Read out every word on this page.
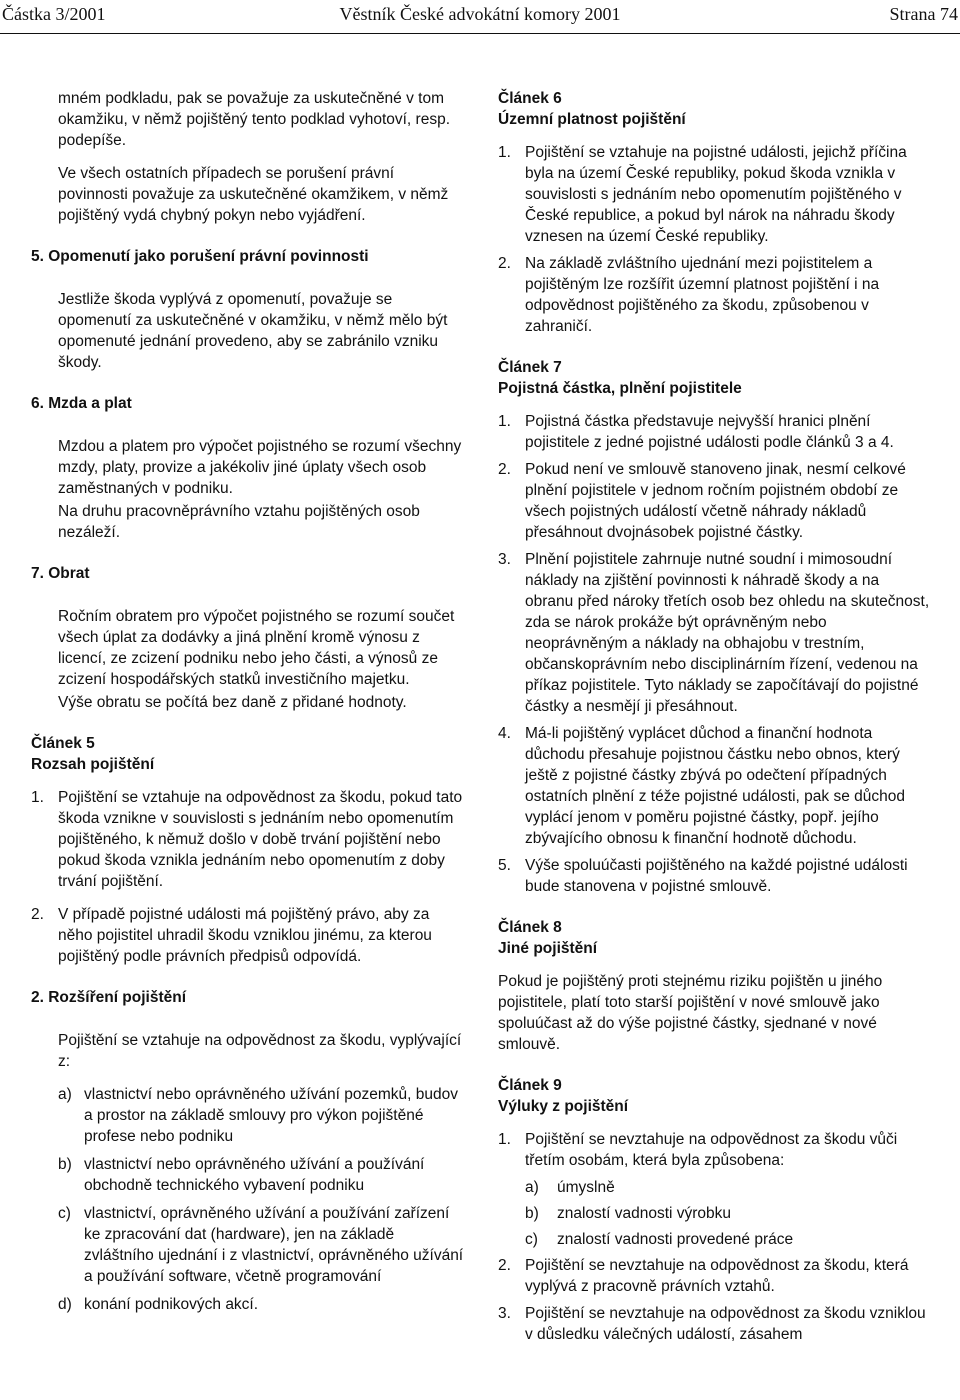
Částka 3/2001	Věstník České advokátní komory 2001	Strana 74

mném podkladu, pak se považuje za uskutečněné v tom okamžiku, v němž pojištěný tento podklad vyhotoví, resp. podepíše.

Ve všech ostatních případech se porušení právní povinnosti považuje za uskutečněné okamžikem, v němž pojištěný vydá chybný pokyn nebo vyjádření.

5. Opomenutí jako porušení právní povinnosti

Jestliže škoda vyplývá z opomenutí, považuje se opomenutí za uskutečněné v okamžiku, v němž mělo být opomenuté jednání provedeno, aby se zabránilo vzniku škody.

6. Mzda a plat

Mzdou a platem pro výpočet pojistného se rozumí všechny mzdy, platy, provize a jakékoliv jiné úplaty všech osob zaměstnaných v podniku.

Na druhu pracovněprávního vztahu pojištěných osob nezáleží.

7. Obrat

Ročním obratem pro výpočet pojistného se rozumí součet všech úplat za dodávky a jiná plnění kromě výnosu z licencí, ze zcizení podniku nebo jeho části, a výnosů ze zcizení hospodářských statků investičního majetku.

Výše obratu se počítá bez daně z přidané hodnoty.

Článek 5
Rozsah pojištění
1. Pojištění se vztahuje na odpovědnost za škodu, pokud tato škoda vznikne v souvislosti s jednáním nebo opomenutím pojištěného, k němuž došlo v době trvání pojištění nebo pokud škoda vznikla jednáním nebo opomenutím z doby trvání pojištění.
2. V případě pojistné události má pojištěný právo, aby za něho pojistitel uhradil škodu vzniklou jinému, za kterou pojištěný podle právních předpisů odpovídá.
2. Rozšíření pojištění

Pojištění se vztahuje na odpovědnost za škodu, vyplývající z:

a) vlastnictví nebo oprávněného užívání pozemků, budov a prostor na základě smlouvy pro výkon pojištěné profese nebo podniku
b) vlastnictví nebo oprávněného užívání a používání obchodně technického vybavení podniku
c) vlastnictví, oprávněného užívání a používání zařízení ke zpracování dat (hardware), jen na základě zvláštního ujednání i z vlastnictví, oprávněného užívání a používání software, včetně programování
d) konání podnikových akcí.
Článek 6
Územní platnost pojištění
1. Pojištění se vztahuje na pojistné události, jejichž příčina byla na území České republiky, pokud škoda vznikla v souvislosti s jednáním nebo opomenutím pojištěného v České republice, a pokud byl nárok na náhradu škody vznesen na území České republiky.
2. Na základě zvláštního ujednání mezi pojistitelem a pojištěným lze rozšířit územní platnost pojištění i na odpovědnost pojištěného za škodu, způsobenou v zahraničí.
Článek 7
Pojistná částka, plnění pojistitele
1. Pojistná částka představuje nejvyšší hranici plnění pojistitele z jedné pojistné události podle článků 3 a 4.
2. Pokud není ve smlouvě stanoveno jinak, nesmí celkové plnění pojistitele v jednom ročním pojistném období ze všech pojistných událostí včetně náhrady nákladů přesáhnout dvojnásobek pojistné částky.
3. Plnění pojistitele zahrnuje nutné soudní i mimosoudní náklady na zjištění povinnosti k náhradě škody a na obranu před nároky třetích osob bez ohledu na skutečnost, zda se nárok prokáže být oprávněným nebo neoprávněným a náklady na obhajobu v trestním, občanskoprávním nebo disciplinárním řízení, vedenou na příkaz pojistitele. Tyto náklady se započítávají do pojistné částky a nesmějí ji přesáhnout.
4. Má-li pojištěný vyplácet důchod a finanční hodnota důchodu přesahuje pojistnou částku nebo obnos, který ještě z pojistné částky zbývá po odečtení případných ostatních plnění z téže pojistné události, pak se důchod vyplácí jenom v poměru pojistné částky, popř. jejího zbývajícího obnosu k finanční hodnotě důchodu.
5. Výše spoluúčasti pojištěného na každé pojistné události bude stanovena v pojistné smlouvě.
Článek 8
Jiné pojištění

Pokud je pojištěný proti stejnému riziku pojištěn u jiného pojistitele, platí toto starší pojištění v nové smlouvě jako spoluúčast až do výše pojistné částky, sjednané v nové smlouvě.

Článek 9
Výluky z pojištění
1. Pojištění se nevztahuje na odpovědnost za škodu vůči třetím osobám, která byla způsobena:
a)	úmyslně
b)	znalostí vadnosti výrobku
c)	znalostí vadnosti provedené práce
2. Pojištění se nevztahuje na odpovědnost za škodu, která vyplývá z pracovně právních vztahů.
3. Pojištění se nevztahuje na odpovědnost za škodu vzniklou v důsledku válečných událostí, zásahem
